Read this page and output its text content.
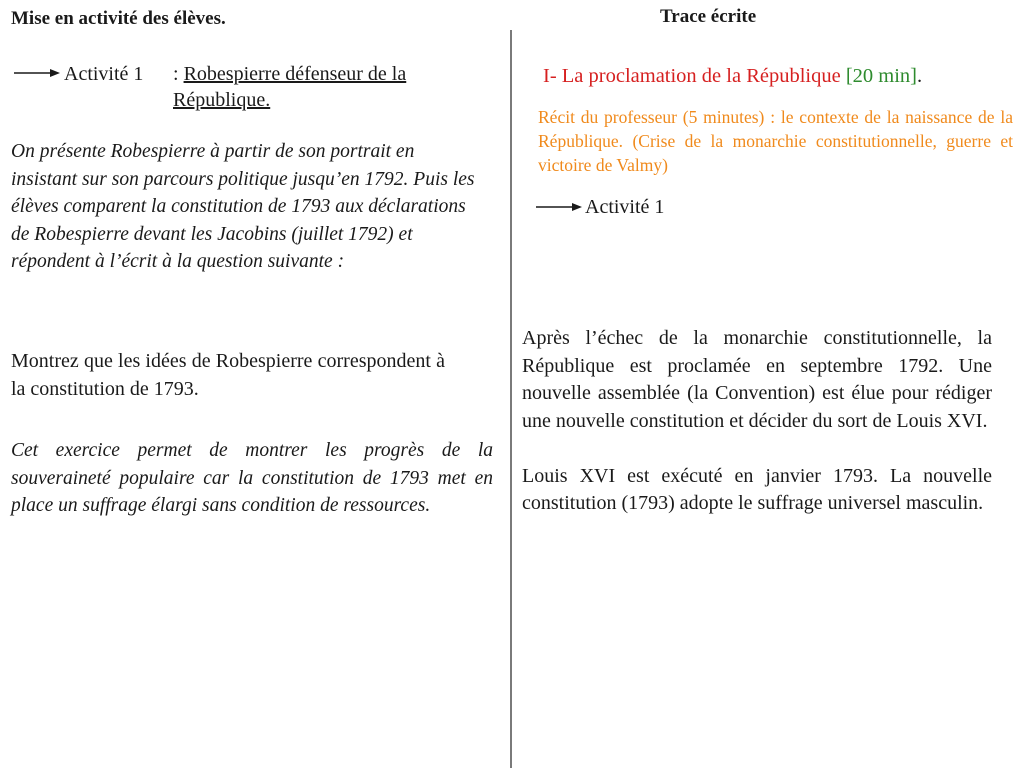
Mise en activité des élèves.
Activité 1 : Robespierre défenseur de la République.
On présente Robespierre à partir de son portrait en insistant sur son parcours politique jusqu’en 1792. Puis les élèves comparent la constitution de 1793 aux déclarations de Robespierre devant les Jacobins (juillet 1792) et répondent à l’écrit à la question suivante :
Montrez que les idées de Robespierre correspondent à la constitution de 1793.
Cet exercice permet de montrer les progrès de la souveraineté populaire car la constitution de 1793 met en place un suffrage élargi sans condition de ressources.
Trace écrite
I- La proclamation de la République [20 min].
Récit du professeur (5 minutes) : le contexte de la naissance de la République. (Crise de la monarchie constitutionnelle, guerre et victoire de Valmy)
Activité 1

Après l’échec de la monarchie constitutionnelle, la République est proclamée en septembre 1792. Une nouvelle assemblée (la Convention) est élue pour rédiger une nouvelle constitution et décider du sort de Louis XVI.

Louis XVI est exécuté en janvier 1793. La nouvelle constitution (1793) adopte le suffrage universel masculin.
